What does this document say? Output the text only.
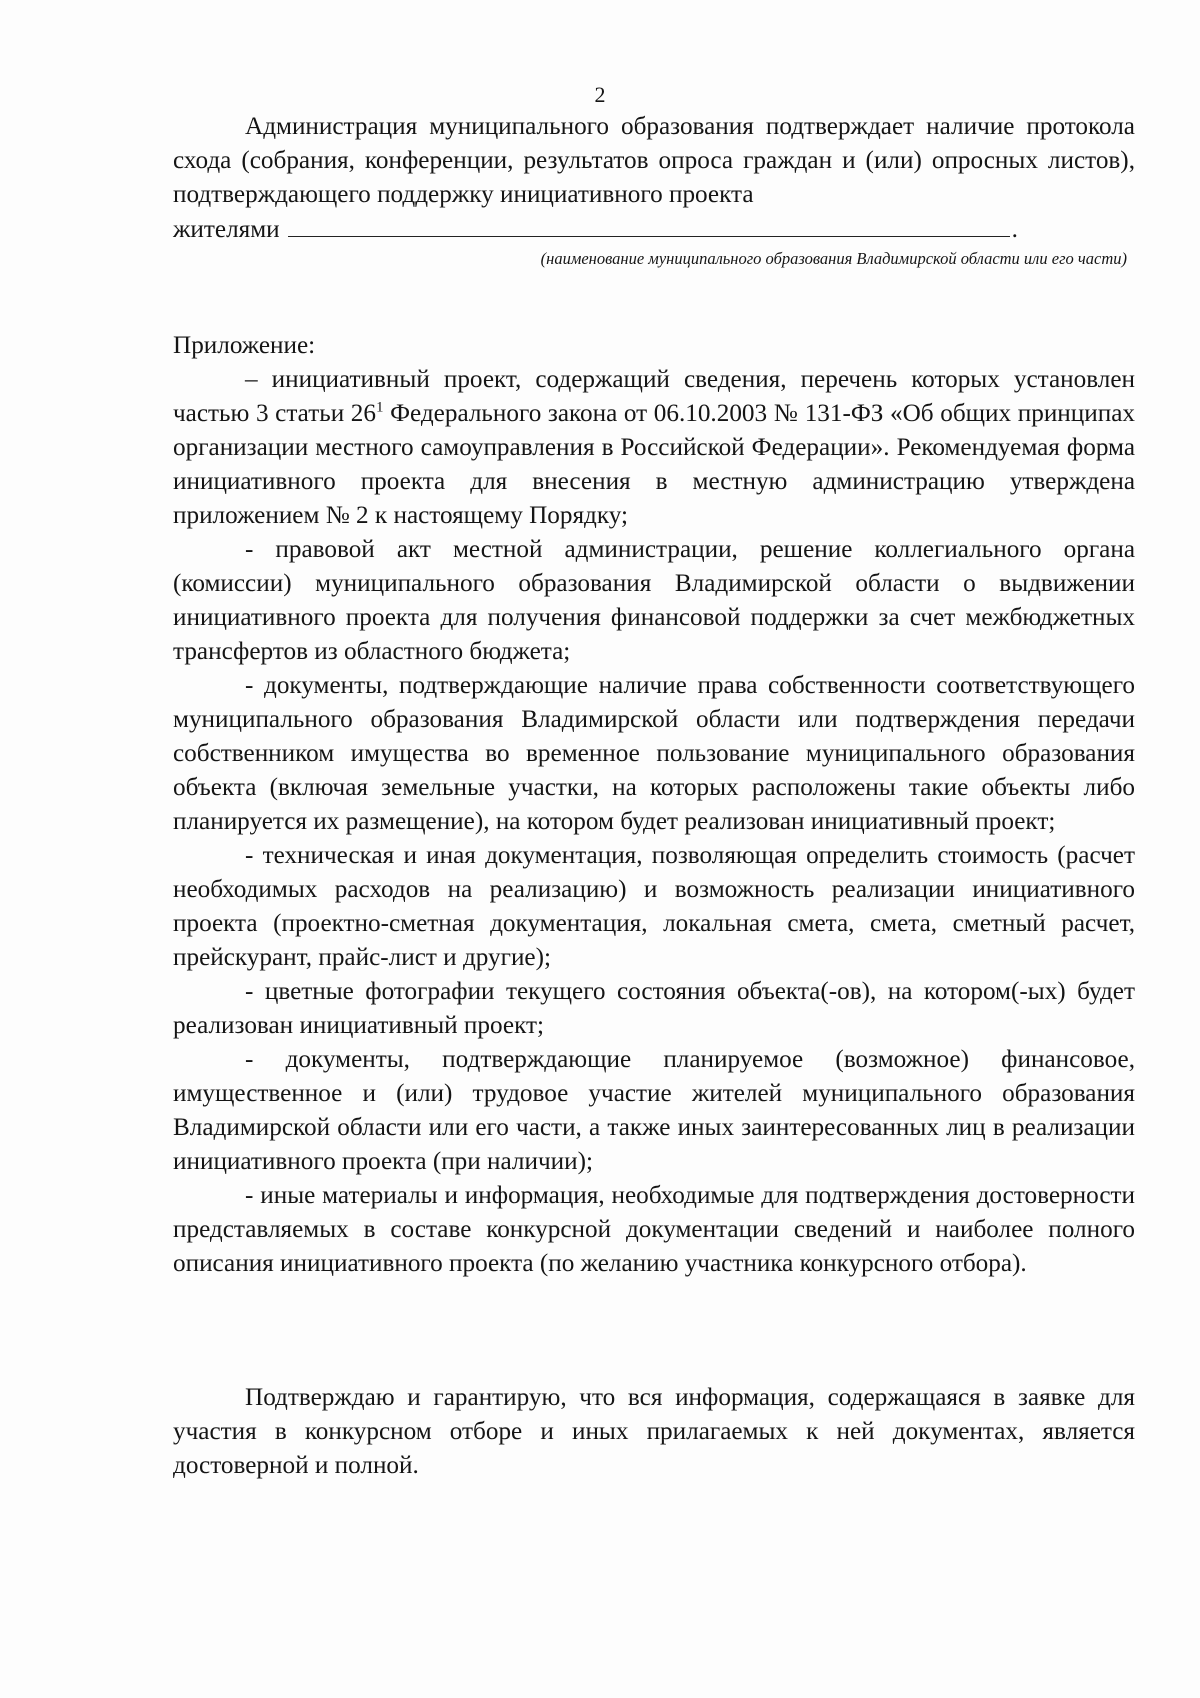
2

Администрация муниципального образования подтверждает наличие протокола схода (собрания, конференции, результатов опроса граждан и (или) опросных листов), подтверждающего поддержку инициативного проекта

жителями	.

(наименование муниципального образования Владимирской области или его части)

Приложение:

– инициативный проект, содержащий сведения, перечень которых установлен частью 3 статьи $26^1$ Федерального закона от 06.10.2003 № 131-ФЗ «Об общих принципах организации местного самоуправления в Российской Федерации». Рекомендуемая форма инициативного проекта для внесения в местную администрацию утверждена приложением № 2 к настоящему Порядку;

- правовой акт местной администрации, решение коллегиального органа (комиссии) муниципального образования Владимирской области о выдвижении инициативного проекта для получения финансовой поддержки за счет межбюджетных трансфертов из областного бюджета;

- документы, подтверждающие наличие права собственности соответствующего муниципального образования Владимирской области или подтверждения передачи собственником имущества во временное пользование муниципального образования объекта (включая земельные участки, на которых расположены такие объекты либо планируется их размещение), на котором будет реализован инициативный проект;

- техническая и иная документация, позволяющая определить стоимость (расчет необходимых расходов на реализацию) и возможность реализации инициативного проекта (проектно-сметная документация, локальная смета, смета, сметный расчет, прейскурант, прайс-лист и другие);

- цветные фотографии текущего состояния объекта(-ов), на котором(-ых) будет реализован инициативный проект;

- документы, подтверждающие планируемое (возможное) финансовое, имущественное и (или) трудовое участие жителей муниципального образования Владимирской области или его части, а также иных заинтересованных лиц в реализации инициативного проекта (при наличии);

- иные материалы и информация, необходимые для подтверждения достоверности представляемых в составе конкурсной документации сведений и наиболее полного описания инициативного проекта (по желанию участника конкурсного отбора).

Подтверждаю и гарантирую, что вся информация, содержащаяся в заявке для участия в конкурсном отборе и иных прилагаемых к ней документах, является достоверной и полной.
